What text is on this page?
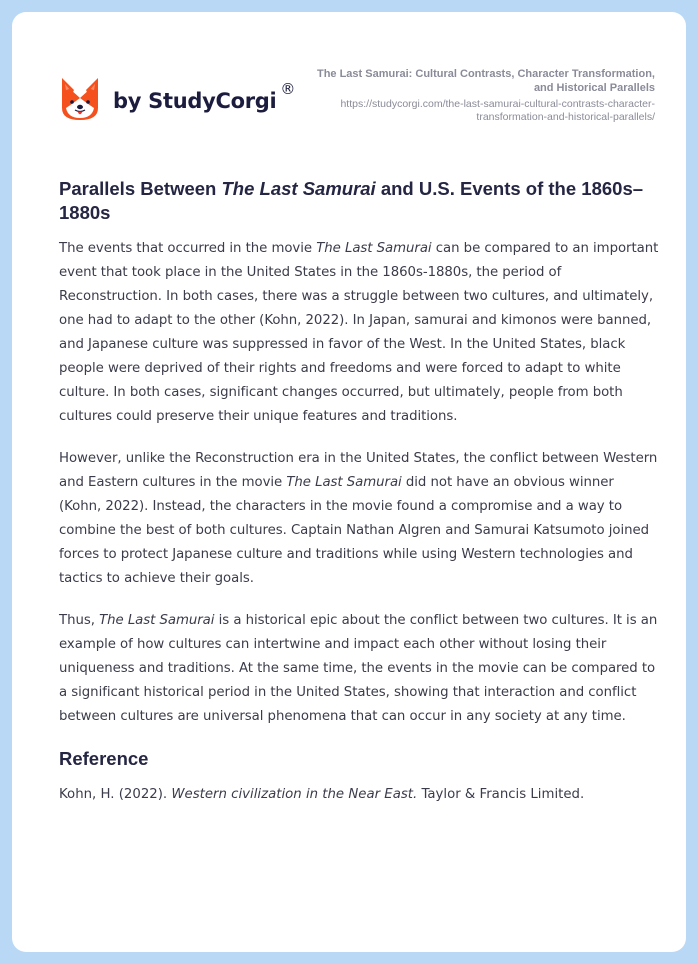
by StudyCorgi ®
The Last Samurai: Cultural Contrasts, Character Transformation, and Historical Parallels
https://studycorgi.com/the-last-samurai-cultural-contrasts-character-transformation-and-historical-parallels/
Parallels Between The Last Samurai and U.S. Events of the 1860s–1880s

The events that occurred in the movie The Last Samurai can be compared to an important event that took place in the United States in the 1860s-1880s, the period of Reconstruction. In both cases, there was a struggle between two cultures, and ultimately, one had to adapt to the other (Kohn, 2022). In Japan, samurai and kimonos were banned, and Japanese culture was suppressed in favor of the West. In the United States, black people were deprived of their rights and freedoms and were forced to adapt to white culture. In both cases, significant changes occurred, but ultimately, people from both cultures could preserve their unique features and traditions.

However, unlike the Reconstruction era in the United States, the conflict between Western and Eastern cultures in the movie The Last Samurai did not have an obvious winner (Kohn, 2022). Instead, the characters in the movie found a compromise and a way to combine the best of both cultures. Captain Nathan Algren and Samurai Katsumoto joined forces to protect Japanese culture and traditions while using Western technologies and tactics to achieve their goals.

Thus, The Last Samurai is a historical epic about the conflict between two cultures. It is an example of how cultures can intertwine and impact each other without losing their uniqueness and traditions. At the same time, the events in the movie can be compared to a significant historical period in the United States, showing that interaction and conflict between cultures are universal phenomena that can occur in any society at any time.

Reference
Kohn, H. (2022). Western civilization in the Near East. Taylor & Francis Limited.
